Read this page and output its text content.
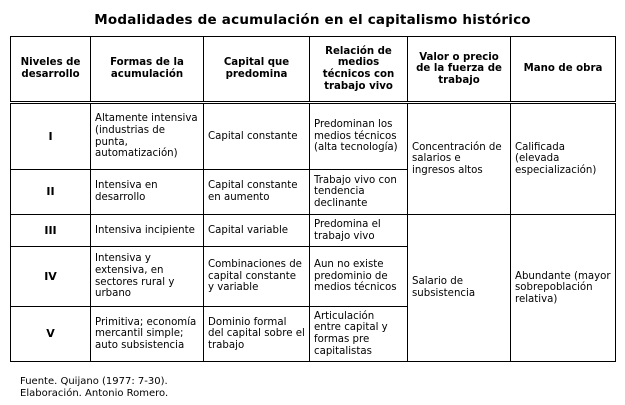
Modalidades de acumulación en el capitalismo histórico
Niveles de desarrollo	Formas de la acumulación	Capital que predomina	Relación de medios técnicos con trabajo vivo	Valor o precio de la fuerza de trabajo	Mano de obra
I	Altamente intensiva (industrias de punta, automatización)	Capital constante	Predominan los medios técnicos (alta tecnología)	Concentración de salarios e ingresos altos	Calificada (elevada especialización)
II	Intensiva en desarrollo	Capital constante en aumento	Trabajo vivo con tendencia declinante		
III	Intensiva incipiente	Capital variable	Predomina el trabajo vivo	Salario de subsistencia	Abundante (mayor sobrepoblación relativa)
IV	Intensiva y extensiva, en sectores rural y urbano	Combinaciones de capital constante y variable	Aun no existe predominio de medios técnicos		
V	Primitiva; economía mercantil simple; auto subsistencia	Dominio formal del capital sobre el trabajo	Articulación entre capital y formas pre capitalistas		
Fuente. Quijano (1977: 7-30).
Elaboración. Antonio Romero.
